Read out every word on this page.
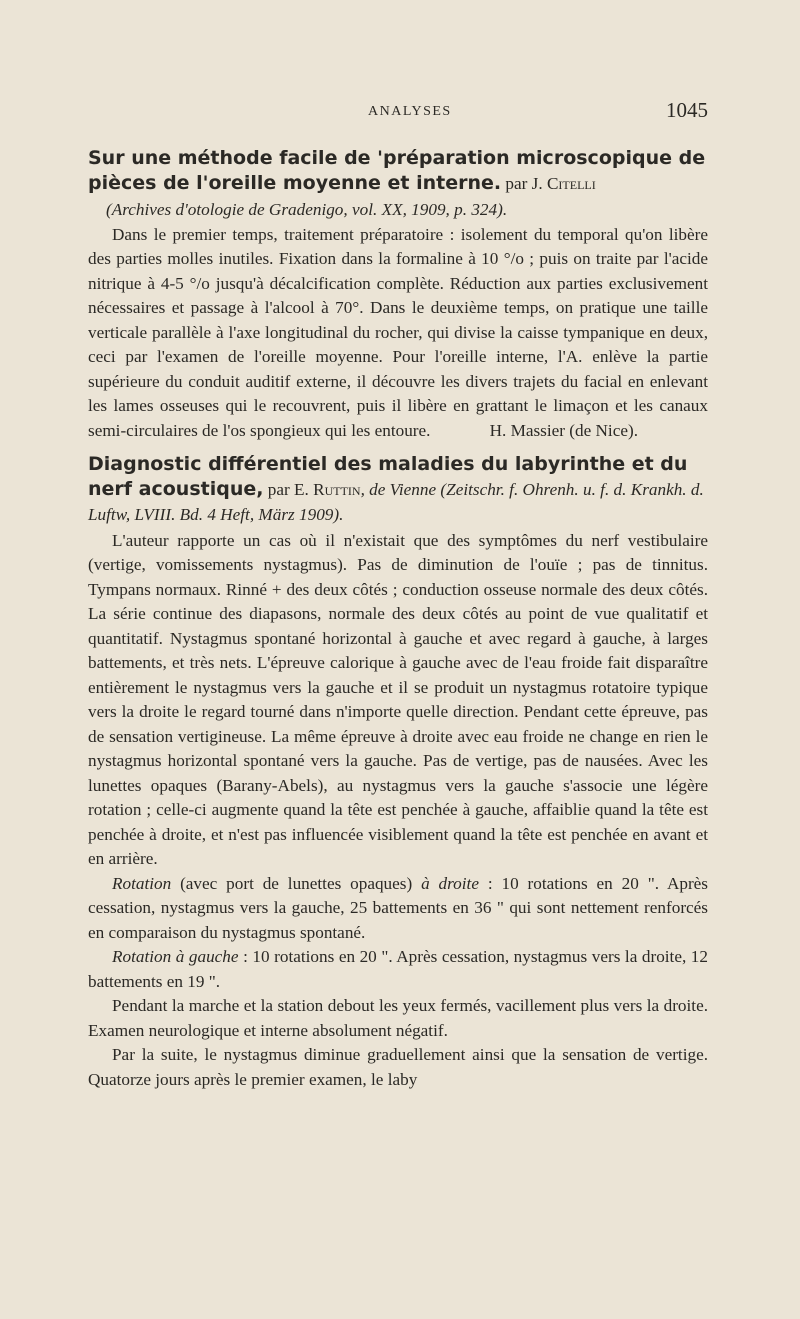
ANALYSES	1045
Sur une méthode facile de 'préparation microscopique de pièces de l'oreille moyenne et interne. par J. Citelli

(Archives d'otologie de Gradenigo, vol. XX, 1909, p. 324).

Dans le premier temps, traitement préparatoire : isolement du temporal qu'on libère des parties molles inutiles. Fixation dans la formaline à 10 °/o ; puis on traite par l'acide nitrique à 4-5 °/o jusqu'à décalcification complète. Réduction aux parties exclusivement nécessaires et passage à l'alcool à 70°. Dans le deuxième temps, on pratique une taille verticale parallèle à l'axe longitudinal du rocher, qui divise la caisse tympanique en deux, ceci par l'examen de l'oreille moyenne. Pour l'oreille interne, l'A. enlève la partie supérieure du conduit auditif externe, il découvre les divers trajets du facial en enlevant les lames osseuses qui le recouvrent, puis il libère en grattant le limaçon et les canaux semi-circulaires de l'os spongieux qui les entoure.	H. Massier (de Nice).

Diagnostic différentiel des maladies du labyrinthe et du nerf acoustique, par E. Ruttin, de Vienne (Zeitschr. f. Ohrenh. u. f. d. Krankh. d. Luftw, LVIII. Bd. 4 Heft, März 1909).

L'auteur rapporte un cas où il n'existait que des symptômes du nerf vestibulaire (vertige, vomissements nystagmus). Pas de diminution de l'ouïe ; pas de tinnitus. Tympans normaux. Rinné + des deux côtés ; conduction osseuse normale des deux côtés. La série continue des diapasons, normale des deux côtés au point de vue qualitatif et quantitatif. Nystagmus spontané horizontal à gauche et avec regard à gauche, à larges battements, et très nets. L'épreuve calorique à gauche avec de l'eau froide fait disparaître entièrement le nystagmus vers la gauche et il se produit un nystagmus rotatoire typique vers la droite le regard tourné dans n'importe quelle direction. Pendant cette épreuve, pas de sensation vertigineuse. La même épreuve à droite avec eau froide ne change en rien le nystagmus horizontal spontané vers la gauche. Pas de vertige, pas de nausées. Avec les lunettes opaques (Barany-Abels), au nystagmus vers la gauche s'associe une légère rotation ; celle-ci augmente quand la tête est penchée à gauche, affaiblie quand la tête est penchée à droite, et n'est pas influencée visiblement quand la tête est penchée en avant et en arrière.

Rotation (avec port de lunettes opaques) à droite : 10 rotations en 20 ". Après cessation, nystagmus vers la gauche, 25 battements en 36 " qui sont nettement renforcés en comparaison du nystagmus spontané.

Rotation à gauche : 10 rotations en 20 ". Après cessation, nystagmus vers la droite, 12 battements en 19 ".

Pendant la marche et la station debout les yeux fermés, vacillement plus vers la droite. Examen neurologique et interne absolument négatif.

Par la suite, le nystagmus diminue graduellement ainsi que la sensation de vertige. Quatorze jours après le premier examen, le laby
